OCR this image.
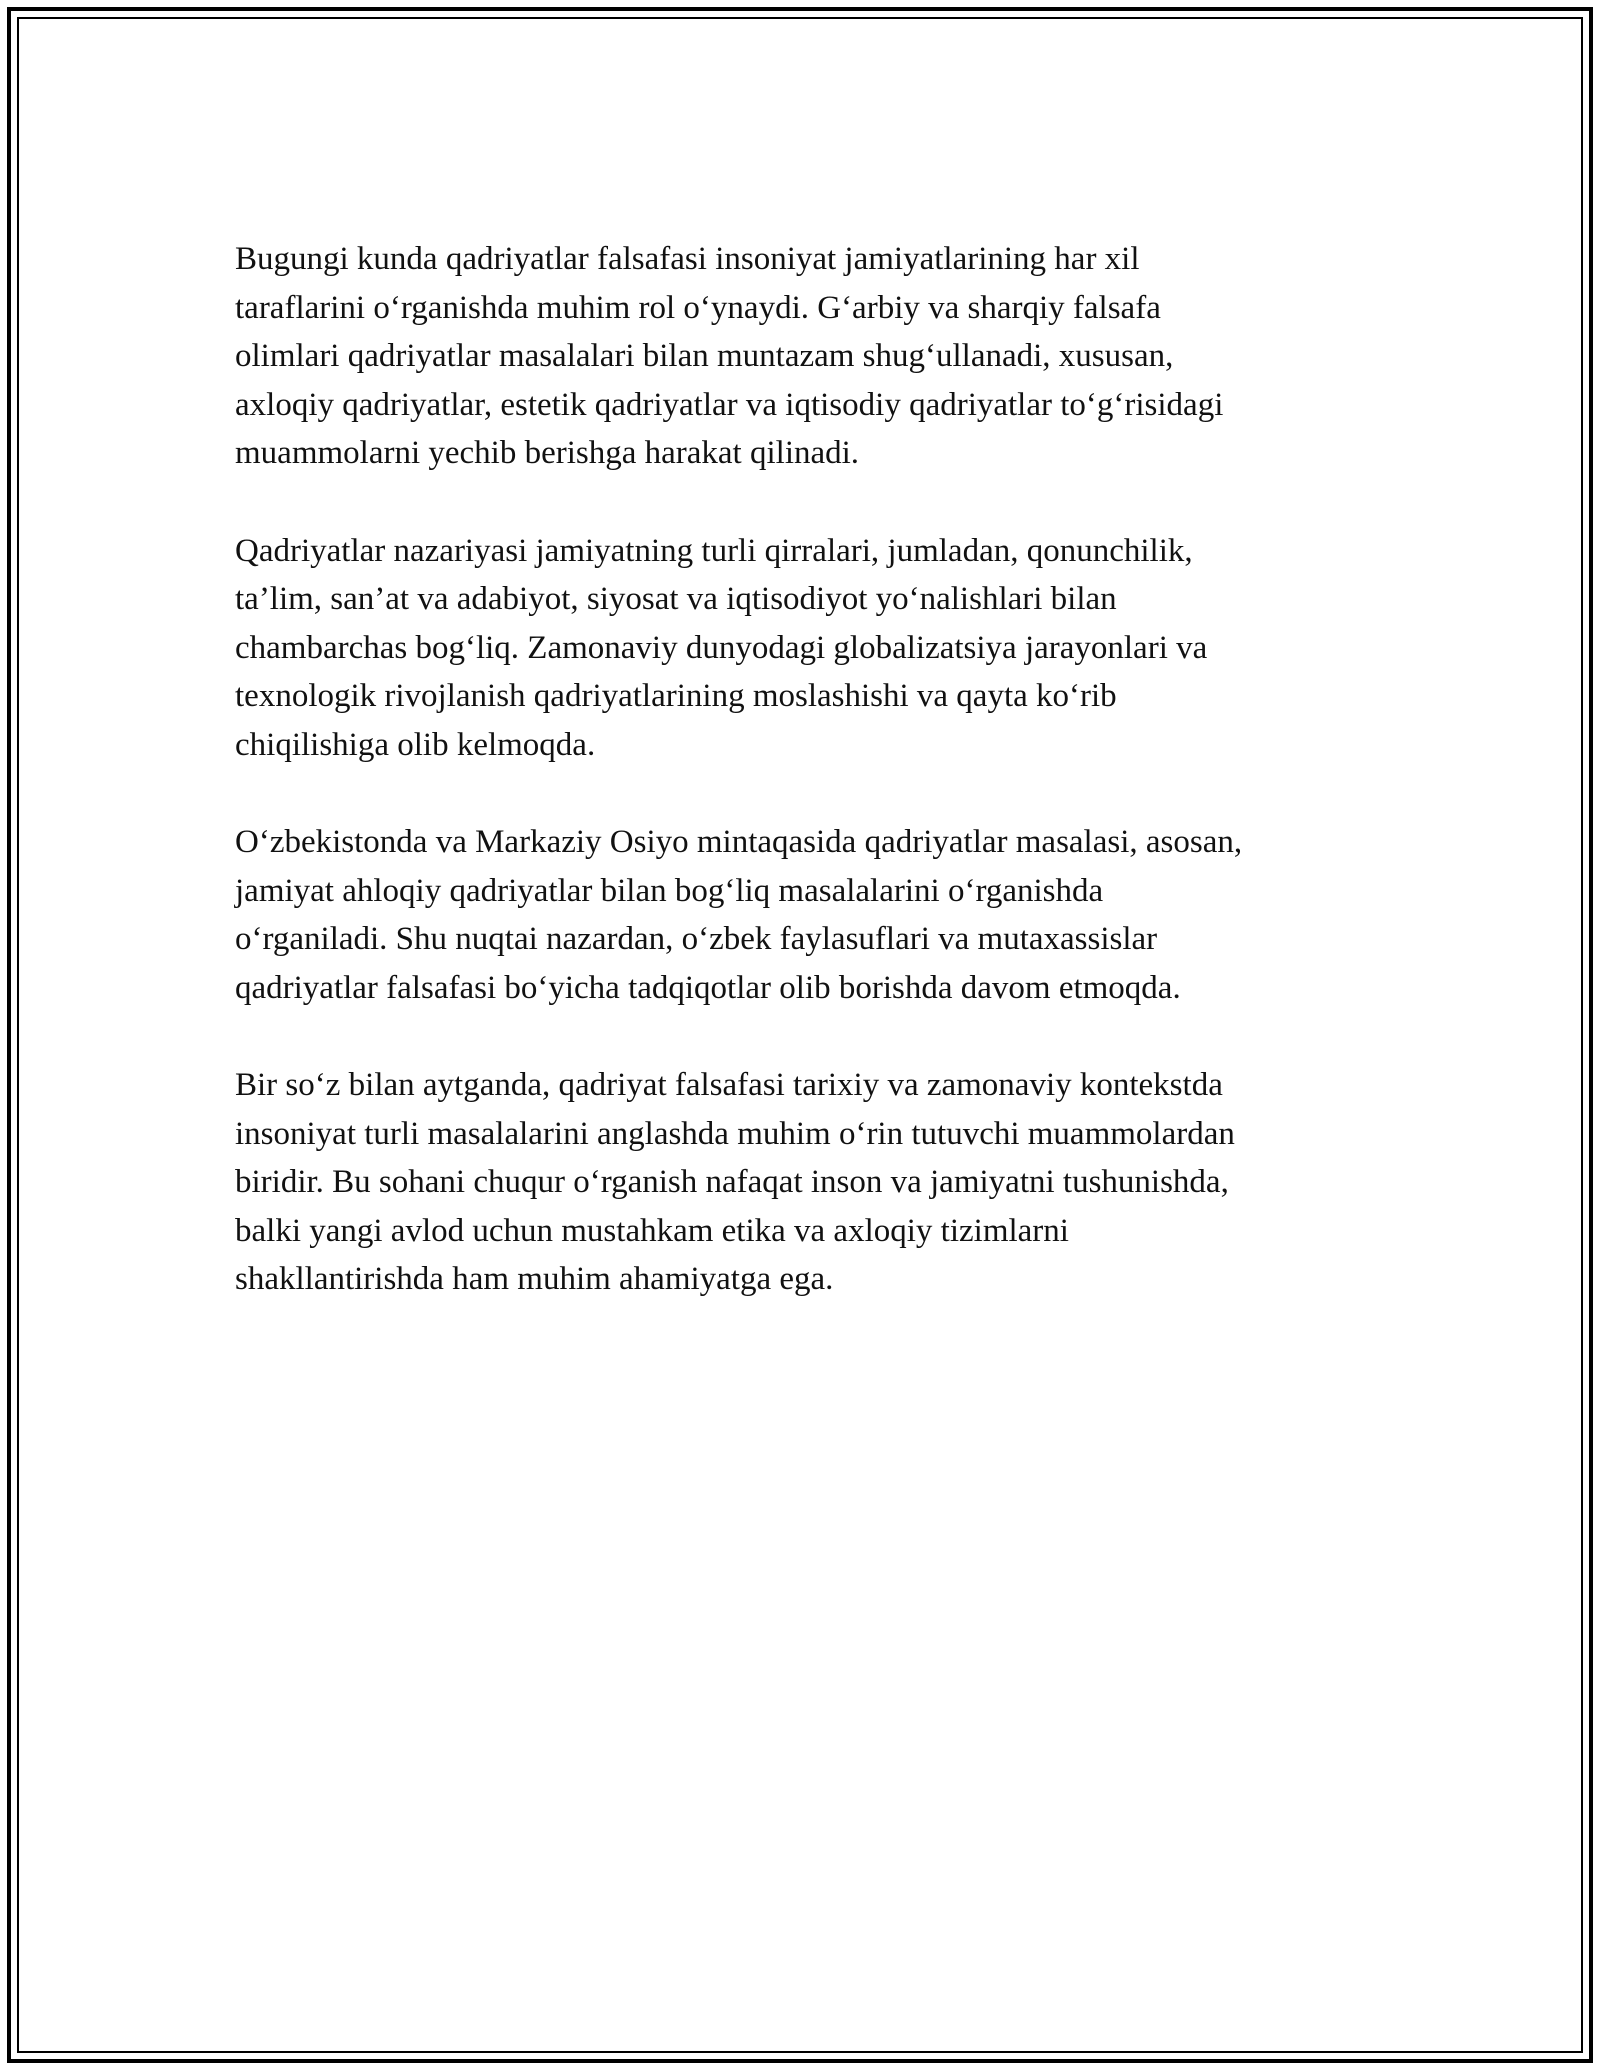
Bugungi kunda qadriyatlar falsafasi insoniyat jamiyatlarining har xil
taraflarini o‘rganishda muhim rol o‘ynaydi. G‘arbiy va sharqiy falsafa
olimlari qadriyatlar masalalari bilan muntazam shug‘ullanadi, xususan,
axloqiy qadriyatlar, estetik qadriyatlar va iqtisodiy qadriyatlar to‘g‘risidagi
muammolarni yechib berishga harakat qilinadi.

Qadriyatlar nazariyasi jamiyatning turli qirralari, jumladan, qonunchilik,
ta’lim, san’at va adabiyot, siyosat va iqtisodiyot yo‘nalishlari bilan
chambarchas bog‘liq. Zamonaviy dunyodagi globalizatsiya jarayonlari va
texnologik rivojlanish qadriyatlarining moslashishi va qayta ko‘rib
chiqilishiga olib kelmoqda.

O‘zbekistonda va Markaziy Osiyo mintaqasida qadriyatlar masalasi, asosan,
jamiyat ahloqiy qadriyatlar bilan bog‘liq masalalarini o‘rganishda
o‘rganiladi. Shu nuqtai nazardan, o‘zbek faylasuflari va mutaxassislar
qadriyatlar falsafasi bo‘yicha tadqiqotlar olib borishda davom etmoqda.

Bir so‘z bilan aytganda, qadriyat falsafasi tarixiy va zamonaviy kontekstda
insoniyat turli masalalarini anglashda muhim o‘rin tutuvchi muammolardan
biridir. Bu sohani chuqur o‘rganish nafaqat inson va jamiyatni tushunishda,
balki yangi avlod uchun mustahkam etika va axloqiy tizimlarni
shakllantirishda ham muhim ahamiyatga ega.
